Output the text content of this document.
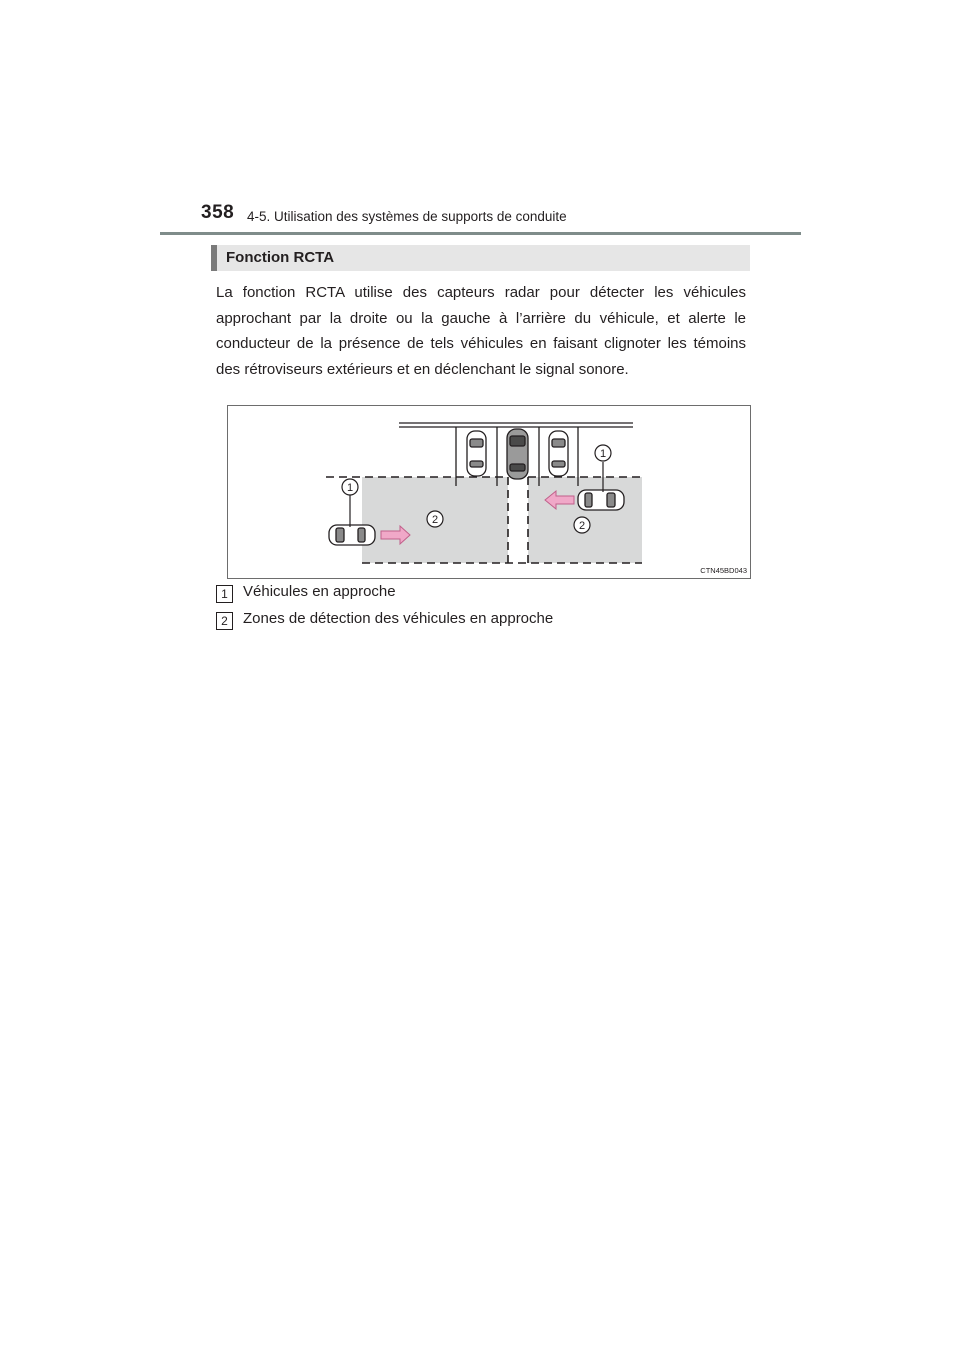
358 4-5. Utilisation des systèmes de supports de conduite
Fonction RCTA

La fonction RCTA utilise des capteurs radar pour détecter les véhicules approchant par la droite ou la gauche à l’arrière du véhicule, et alerte le conducteur de la présence de tels véhicules en faisant clignoter les témoins des rétroviseurs extérieurs et en déclenchant le signal sonore.

1
1
2	2
CTN45BD043
1	Véhicules en approche
2	Zones de détection des véhicules en approche
